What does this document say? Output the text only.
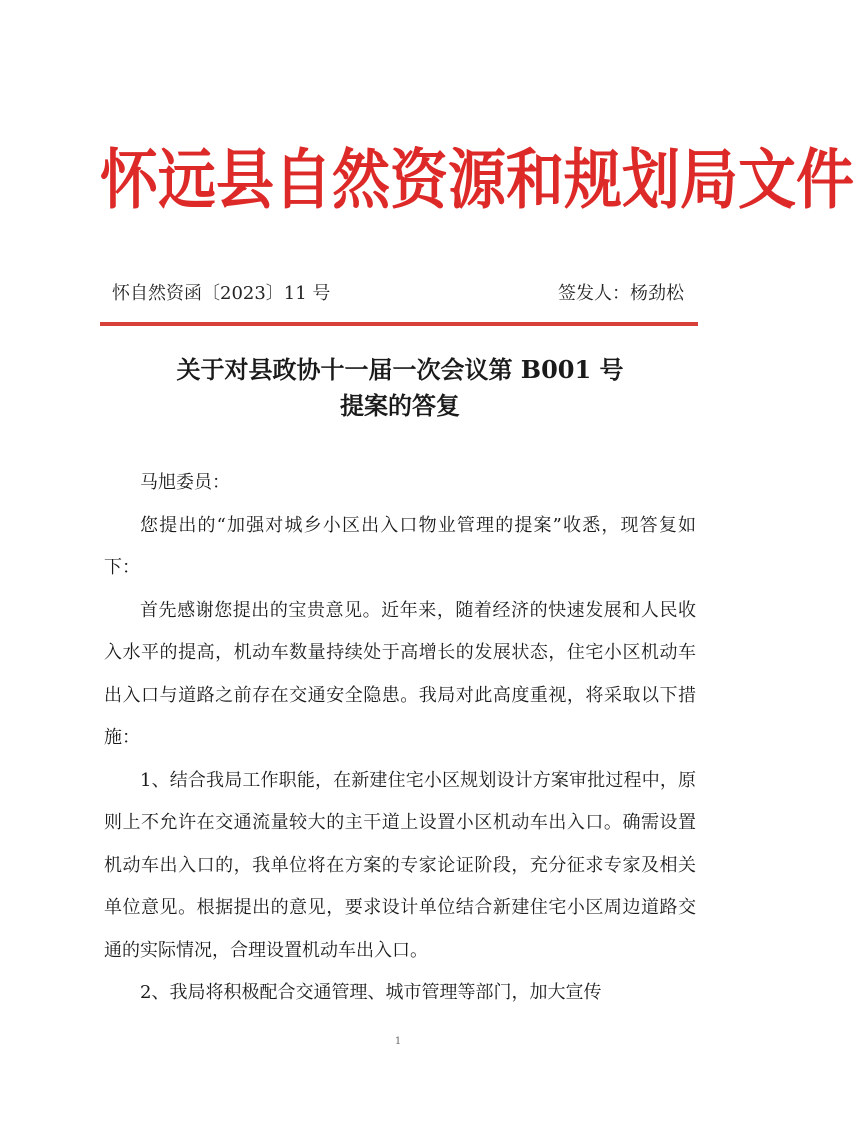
怀远县自然资源和规划局文件
怀自然资函〔2023〕11 号	签发人：杨劲松
关于对县政协十一届一次会议第 B001 号
提案的答复

马旭委员：

您提出的“加强对城乡小区出入口物业管理的提案”收悉，现答复如下：

首先感谢您提出的宝贵意见。近年来，随着经济的快速发展和人民收入水平的提高，机动车数量持续处于高增长的发展状态，住宅小区机动车出入口与道路之前存在交通安全隐患。我局对此高度重视，将采取以下措施：

1、结合我局工作职能，在新建住宅小区规划设计方案审批过程中，原则上不允许在交通流量较大的主干道上设置小区机动车出入口。确需设置机动车出入口的，我单位将在方案的专家论证阶段，充分征求专家及相关单位意见。根据提出的意见，要求设计单位结合新建住宅小区周边道路交通的实际情况，合理设置机动车出入口。

2、我局将积极配合交通管理、城市管理等部门，加大宣传

1
